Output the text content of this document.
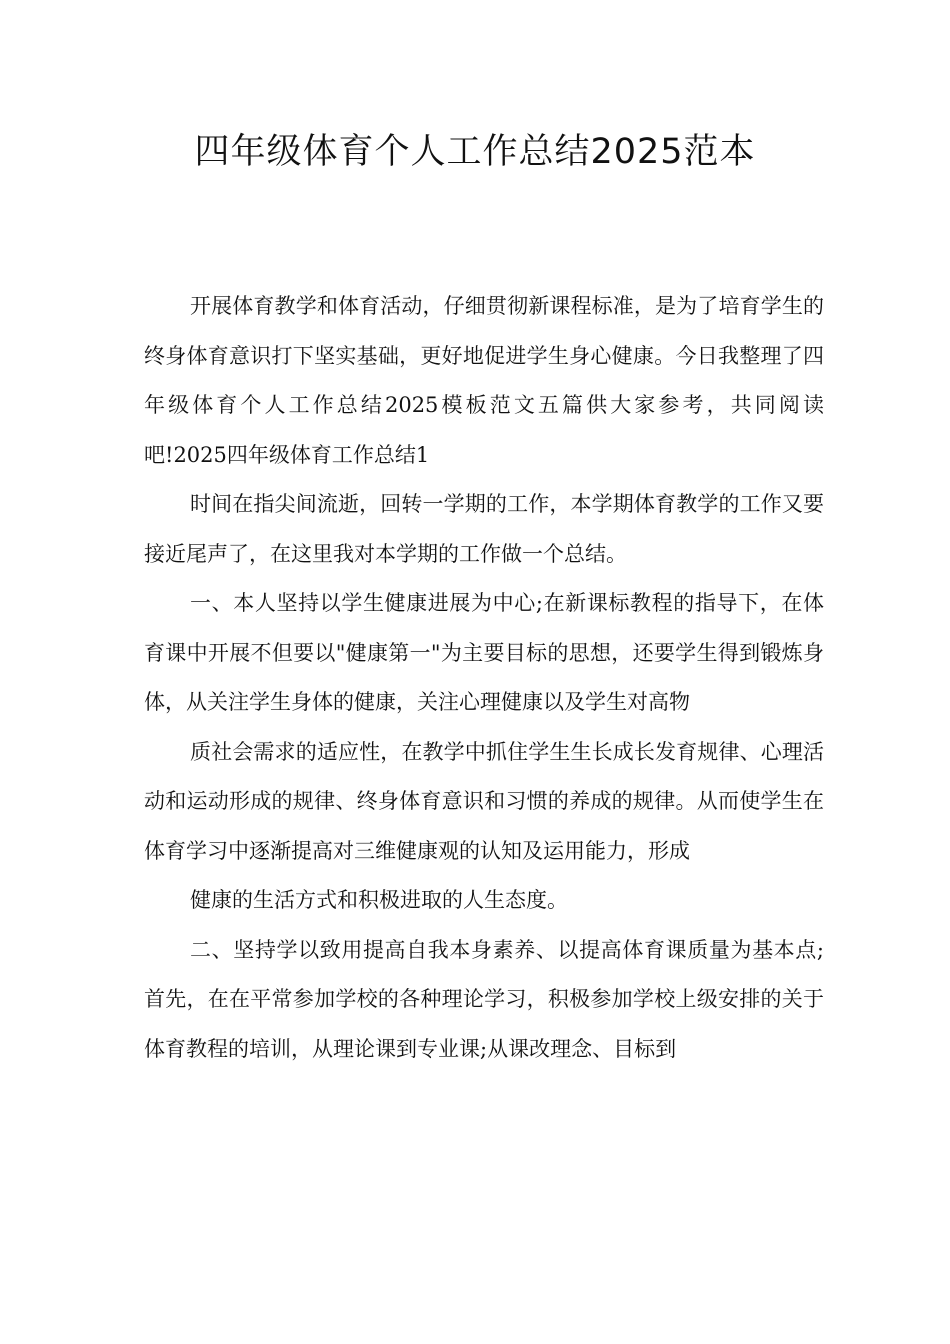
四年级体育个人工作总结2025范本

开展体育教学和体育活动，仔细贯彻新课程标准，是为了培育学生的终身体育意识打下坚实基础，更好地促进学生身心健康。今日我整理了四年级体育个人工作总结2025模板范文五篇供大家参考，共同阅读吧!2025四年级体育工作总结1

时间在指尖间流逝，回转一学期的工作，本学期体育教学的工作又要接近尾声了，在这里我对本学期的工作做一个总结。

一、本人坚持以学生健康进展为中心;在新课标教程的指导下，在体育课中开展不但要以"健康第一"为主要目标的思想，还要学生得到锻炼身体，从关注学生身体的健康，关注心理健康以及学生对高物

质社会需求的适应性，在教学中抓住学生生长成长发育规律、心理活动和运动形成的规律、终身体育意识和习惯的养成的规律。从而使学生在体育学习中逐渐提高对三维健康观的认知及运用能力，形成

健康的生活方式和积极进取的人生态度。

二、坚持学以致用提高自我本身素养、以提高体育课质量为基本点;首先，在在平常参加学校的各种理论学习，积极参加学校上级安排的关于体育教程的培训，从理论课到专业课;从课改理念、目标到
